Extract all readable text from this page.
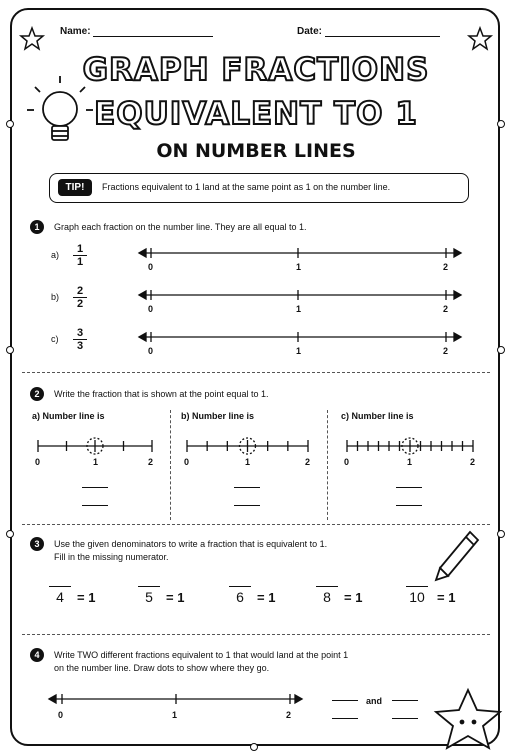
Name:	Date:
GRAPH FRACTIONS
EQUIVALENT TO 1
ON NUMBER LINES
TIP!	Fractions equivalent to 1 land at the same point as 1 on the number line.
1	Graph each fraction on the number line. They are all equal to 1.
$a) \frac{1}{1}$
$b) \frac{2}{2}$
$c) \frac{3}{3}$
0	1	2
0	1	2
0	1	2
2	Write the fraction that is shown at the point equal to 1.
a) Number line is	b) Number line is	c) Number line is
0	1	2	0	1	2	0	1	2
3	Use the given denominators to write a fraction that is equivalent to 1.
Fill in the missing numerator.
4	= 1	5	= 1	6	= 1	8	= 1	10 = 1
4	Write TWO different fractions equivalent to 1 that would land at the point 1
on the number line. Draw dots to show where they go.
0	1	2
and
